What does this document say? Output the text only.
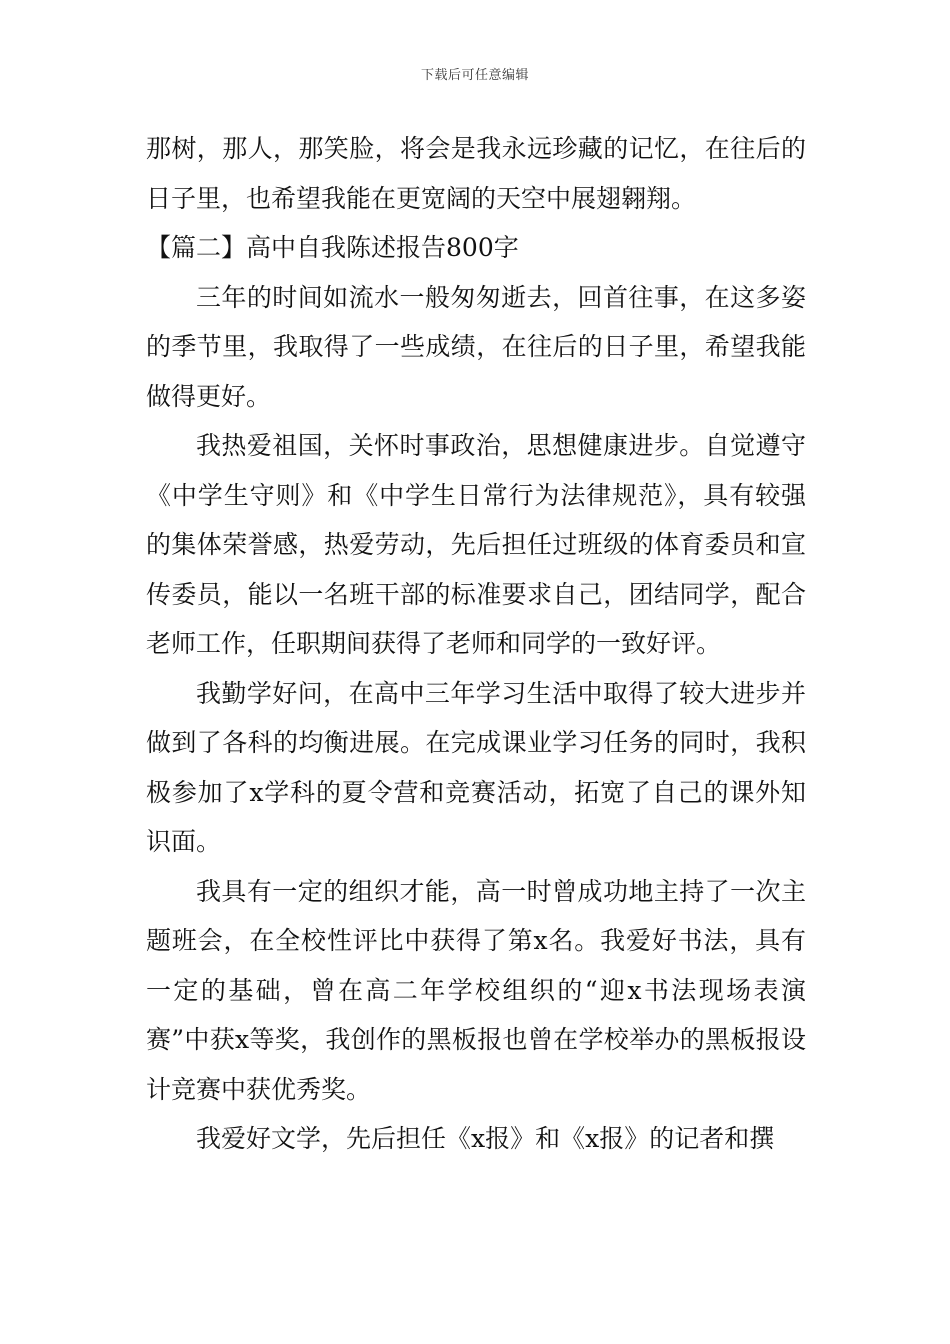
下载后可任意编辑

那树，那人，那笑脸，将会是我永远珍藏的记忆，在往后的日子里，也希望我能在更宽阔的天空中展翅翱翔。

【篇二】高中自我陈述报告800字

三年的时间如流水一般匆匆逝去，回首往事，在这多姿的季节里，我取得了一些成绩，在往后的日子里，希望我能做得更好。

我热爱祖国，关怀时事政治，思想健康进步。自觉遵守《中学生守则》和《中学生日常行为法律规范》，具有较强的集体荣誉感，热爱劳动，先后担任过班级的体育委员和宣传委员，能以一名班干部的标准要求自己，团结同学，配合老师工作，任职期间获得了老师和同学的一致好评。

我勤学好问，在高中三年学习生活中取得了较大进步并做到了各科的均衡进展。在完成课业学习任务的同时，我积极参加了x学科的夏令营和竞赛活动，拓宽了自己的课外知识面。

我具有一定的组织才能，高一时曾成功地主持了一次主题班会，在全校性评比中获得了第x名。我爱好书法，具有一定的基础，曾在高二年学校组织的“迎x书法现场表演赛”中获x等奖，我创作的黑板报也曾在学校举办的黑板报设计竞赛中获优秀奖。

我爱好文学，先后担任《x报》和《x报》的记者和撰
